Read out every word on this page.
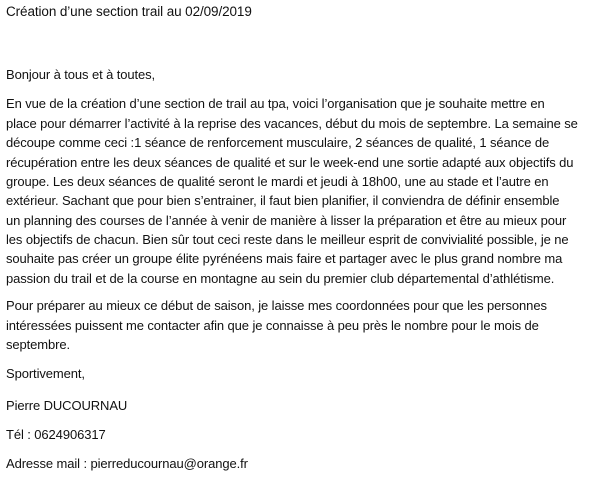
Création d’une section trail au 02/09/2019
Bonjour à tous et à toutes,
En vue de la création d’une section de trail au tpa, voici l’organisation que je souhaite mettre en
place pour démarrer l’activité à la reprise des vacances, début du mois de septembre. La semaine se
découpe comme ceci :1 séance de renforcement musculaire, 2 séances de qualité, 1 séance de
récupération entre les deux séances de qualité et sur le week-end une sortie adapté aux objectifs du
groupe. Les deux séances de qualité seront le mardi et jeudi à 18h00, une au stade et l’autre en
extérieur. Sachant que pour bien s’entrainer, il faut bien planifier, il conviendra de définir ensemble
un planning des courses de l’année à venir de manière à lisser la préparation et être au mieux pour
les objectifs de chacun. Bien sûr tout ceci reste dans le meilleur esprit de convivialité possible, je ne
souhaite pas créer un groupe élite pyrénéens mais faire et partager avec le plus grand nombre ma
passion du trail et de la course en montagne au sein du premier club départemental d’athlétisme.
Pour préparer au mieux ce début de saison, je laisse mes coordonnées pour que les personnes
intéressées puissent me contacter afin que je connaisse à peu près le nombre pour le mois de
septembre.
Sportivement,
Pierre DUCOURNAU
Tél : 0624906317
Adresse mail : pierreducournau@orange.fr
